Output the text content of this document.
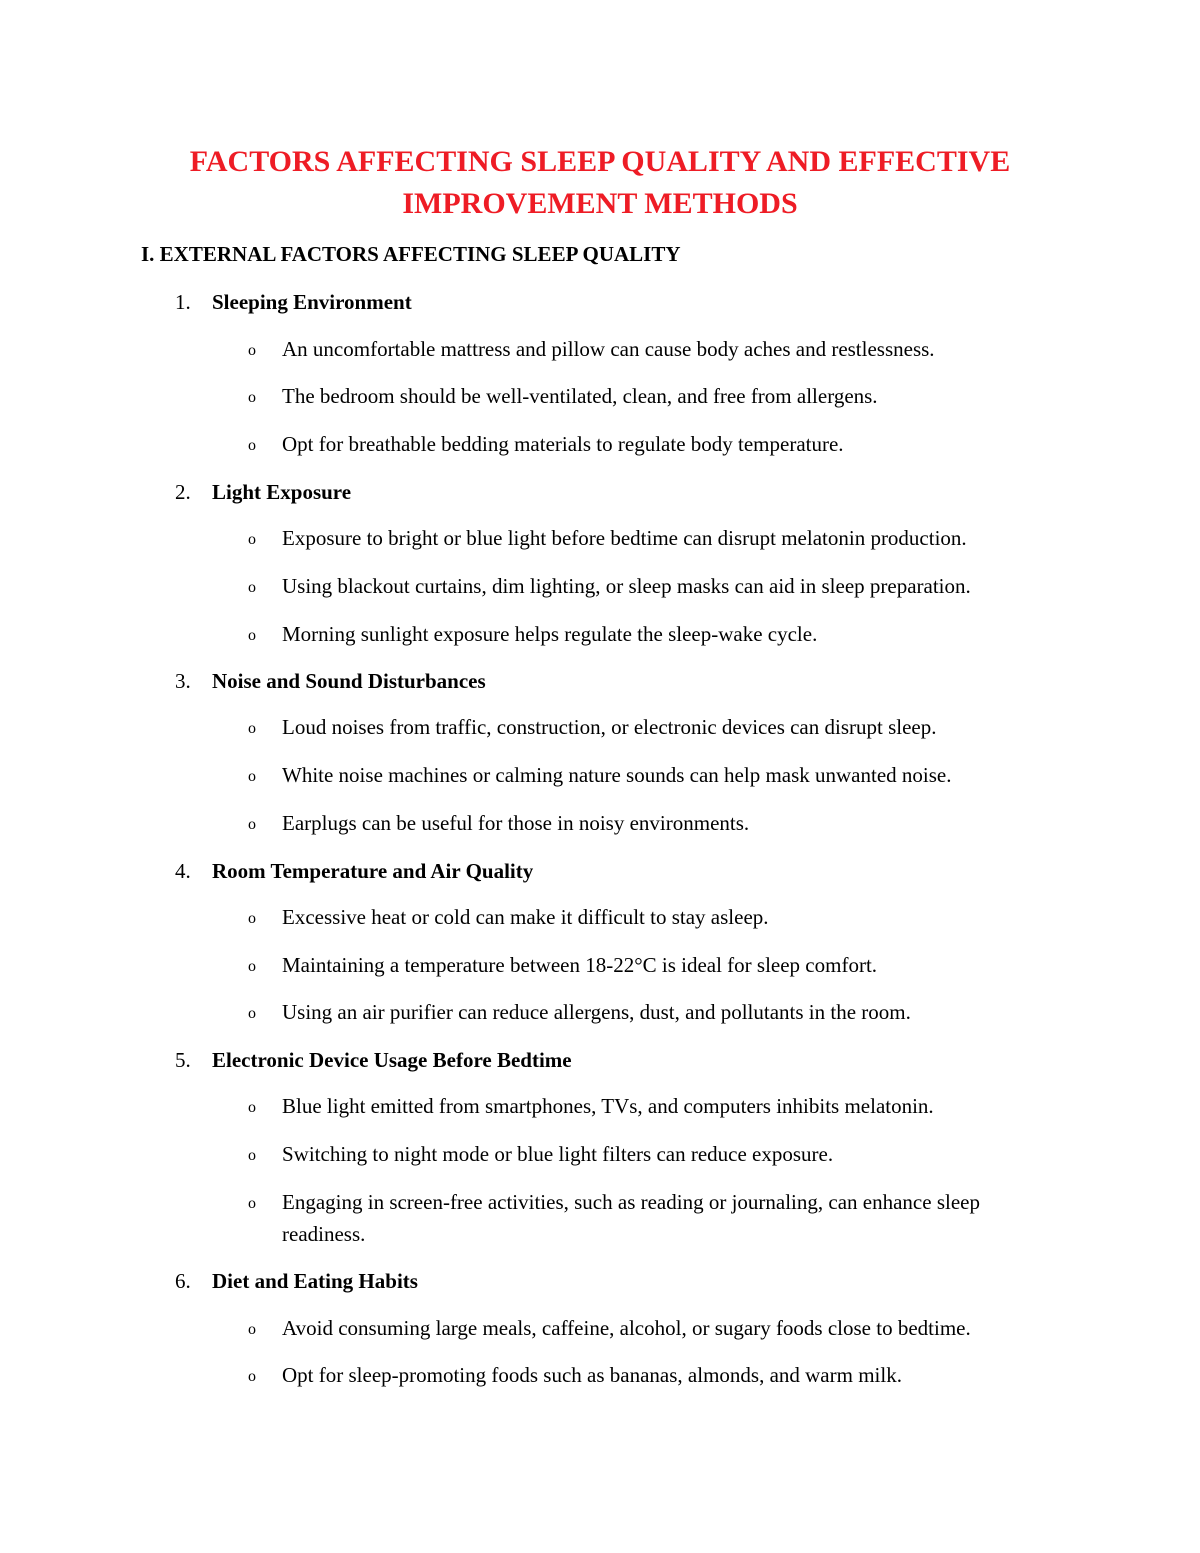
FACTORS AFFECTING SLEEP QUALITY AND EFFECTIVE
IMPROVEMENT METHODS
I. EXTERNAL FACTORS AFFECTING SLEEP QUALITY
1. Sleeping Environment
o An uncomfortable mattress and pillow can cause body aches and restlessness.
o The bedroom should be well-ventilated, clean, and free from allergens.
o Opt for breathable bedding materials to regulate body temperature.
2. Light Exposure
o Exposure to bright or blue light before bedtime can disrupt melatonin production.
o Using blackout curtains, dim lighting, or sleep masks can aid in sleep preparation.
o Morning sunlight exposure helps regulate the sleep-wake cycle.
3. Noise and Sound Disturbances
o Loud noises from traffic, construction, or electronic devices can disrupt sleep.
o White noise machines or calming nature sounds can help mask unwanted noise.
o Earplugs can be useful for those in noisy environments.
4. Room Temperature and Air Quality
o Excessive heat or cold can make it difficult to stay asleep.
o Maintaining a temperature between 18-22°C is ideal for sleep comfort.
o Using an air purifier can reduce allergens, dust, and pollutants in the room.
5. Electronic Device Usage Before Bedtime
o Blue light emitted from smartphones, TVs, and computers inhibits melatonin.
o Switching to night mode or blue light filters can reduce exposure.
o Engaging in screen-free activities, such as reading or journaling, can enhance sleep readiness.
6. Diet and Eating Habits
o Avoid consuming large meals, caffeine, alcohol, or sugary foods close to bedtime.
o Opt for sleep-promoting foods such as bananas, almonds, and warm milk.
